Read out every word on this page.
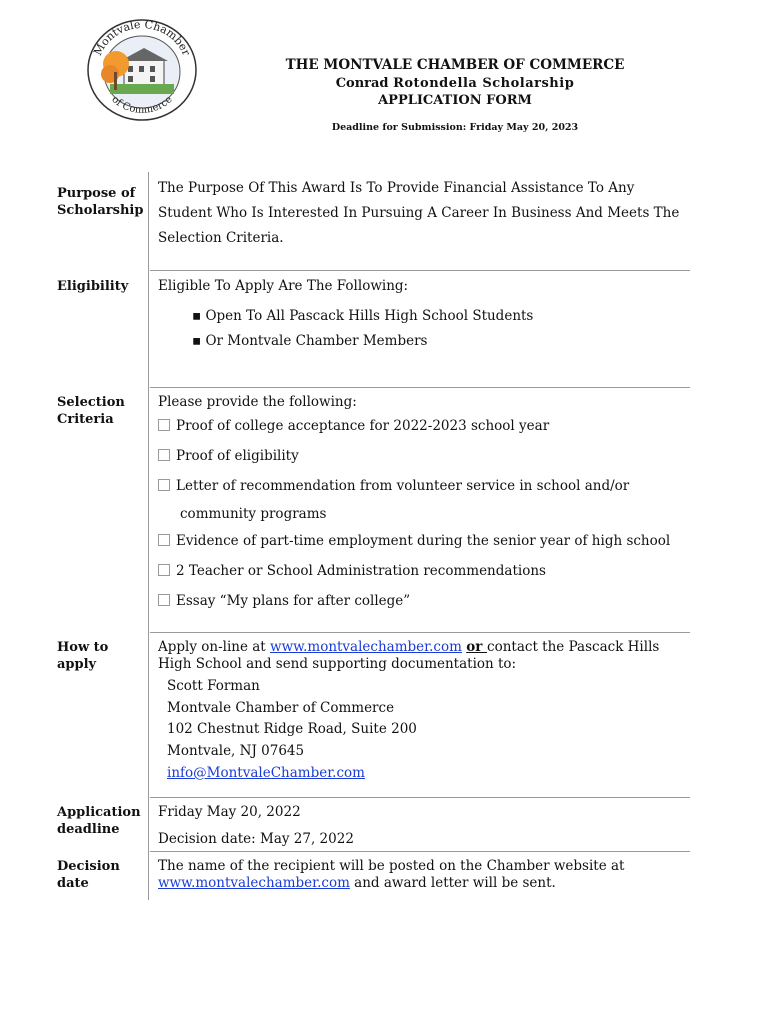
Montvale Chamber
of Commerce
THE MONTVALE CHAMBER OF COMMERCE
Conrad Rotondella Scholarship
APPLICATION FORM
Deadline for Submission: Friday May 20, 2023
Purpose of
Scholarship
The Purpose Of This Award Is To Provide Financial Assistance To Any
Student Who Is Interested In Pursuing A Career In Business And Meets The
Selection Criteria.
Eligibility Eligible To Apply Are The Following:
▪ Open To All Pascack Hills High School Students
▪ Or Montvale Chamber Members
Selection
Criteria
Please provide the following:
Proof of college acceptance for 2022-2023 school year
Proof of eligibility
Letter of recommendation from volunteer service in school and/or
community programs
Evidence of part-time employment during the senior year of high school
2 Teacher or School Administration recommendations
Essay “My plans for after college”
How to
apply
Apply on-line at www.montvalechamber.com or contact the Pascack Hills
High School and send supporting documentation to:
Scott Forman
Montvale Chamber of Commerce
102 Chestnut Ridge Road, Suite 200
Montvale, NJ 07645
info@MontvaleChamber.com
Application
deadline
Friday May 20, 2022
Decision date: May 27, 2022
Decision
date
The name of the recipient will be posted on the Chamber website at
www.montvalechamber.com and award letter will be sent.
